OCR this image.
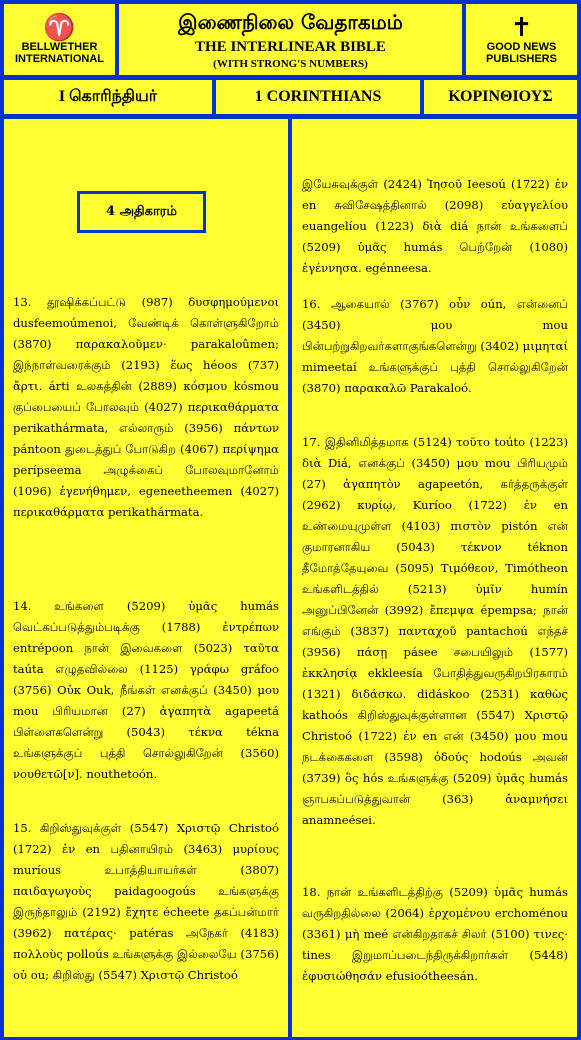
♈
BELLWETHER INTERNATIONAL
இணைநிலை வேதாகமம்
THE INTERLINEAR BIBLE
(WITH STRONG'S NUMBERS)
✝
GOOD NEWS PUBLISHERS
I கொரிந்தியர்	1 CORINTHIANS	ΚΟΡΙΝΘΙΟΥΣ
4 அதிகாரம்

13. தூஷிக்கப்பட்டு (987) δυσφημούμενοι dusfeemoúmenoi, வேண்டிக் கொள்ளுகிறோம் (3870) παρακαλοῦμεν· parakaloûmen; இந்நாள்வரைக்கும் (2193) ἕως héoos (737) ἄρτι. árti உலகத்தின் (2889) κόσμου kósmou குப்பையைப் போலவும் (4027) περικαθάρματα perikathármata, எல்லாரும் (3956) πάντων pántoon துடைத்துப் போடுகிற (4067) περίψημα perípseema அழுக்கைப் போலவுமானோம் (1096) ἐγενήθημεν, egeneetheemen (4027) περικαθάρματα perikathármata.

14. உங்களை (5209) ὑμᾶς humás வெட்கப்படுத்தும்படிக்கு (1788) ἐντρέπων entrépoon நான் இவைகளை (5023) ταῦτα taúta எழுதவில்லை (1125) γράφω gráfoo (3756) Οὐκ Ouk, நீங்கள் எனக்குப் (3450) μου mou பிரியமான (27) ἀγαπητὰ agapeetá பிள்ளைகளென்று (5043) τέκνα tékna உங்களுக்குப் புத்தி சொல்லுகிறேன் (3560) νουθετῶ[ν]. nouthetoón.

15. கிறிஸ்துவுக்குள் (5547) Χριστῷ Christoó (1722) ἐν en பதினாயிரம் (3463) μυρίους muríous உபாத்தியாயர்கள் (3807) παιδαγωγοὺς paidagoogoús உங்களுக்கு இருந்தாலும் (2192) ἔχητε écheete தகப்பன்மார் (3962) πατέρας· patéras அநேகர் (4183) πολλοὺς polloús உங்களுக்கு இல்லையே (3756) οὐ ou; கிறிஸ்து (5547) Χριστῷ Christoó

இயேசுவுக்குள் (2424) Ἰησοῦ Ieesoú (1722) ἐν en சுவிசேஷத்தினால் (2098) εὐαγγελίου euangelíou (1223) διὰ diá நான் உங்களைப் (5209) ὑμᾶς humás பெற்றேன் (1080) ἐγέννησα. egénneesa.

16. ஆகையால் (3767) οὖν oún, என்னைப் (3450) μου mou பின்பற்றுகிறவர்களாகுங்களென்று (3402) μιμηταί mimeetaí உங்களுக்குப் புத்தி சொல்லுகிறேன் (3870) παρακαλῶ Parakaloó.

17. இதினிமித்தமாக (5124) τοῦτο toúto (1223) διὰ Diá, எனக்குப் (3450) μου mou பிரியமும் (27) ἀγαπητὸν agapeetón, கர்த்தருக்குள் (2962) κυρίῳ, Kuríoo (1722) ἐν en உண்மையுமுள்ள (4103) πιστὸν pistón என் குமாரனாகிய (5043) τέκνον téknon தீமோத்தேயுவை (5095) Τιμόθεον, Timótheon உங்களிடத்தில் (5213) ὑμῖν humín அனுப்பினேன் (3992) ἔπεμψα épempsa; நான் எங்கும் (3837) πανταχοῦ pantachoú எந்தச் (3956) πάσῃ pásee சபையிலும் (1577) ἐκκλησίᾳ ekkleesía போதித்துவருகிறபிரகாரம் (1321) διδάσκω. didáskoo (2531) καθὼς kathoós கிறிஸ்துவுக்குள்ளான (5547) Χριστῷ Christoó (1722) ἐν en என் (3450) μου mou நடக்கைகளை (3598) ὁδούς hodoús அவன் (3739) ὃς hós உங்களுக்கு (5209) ὑμᾶς humás ஞாபகப்படுத்துவான் (363) ἀναμνήσει anamneései.

18. நான் உங்களிடத்திற்கு (5209) ὑμᾶς humás வருகிறதில்லை (2064) ἐρχομένου erchoménou (3361) μὴ meé என்கிறதாகச் சிலர் (5100) τινες· tines இறுமாப்படைந்திருக்கிறார்கள் (5448) ἐφυσιώθησάν efusioótheesán.
